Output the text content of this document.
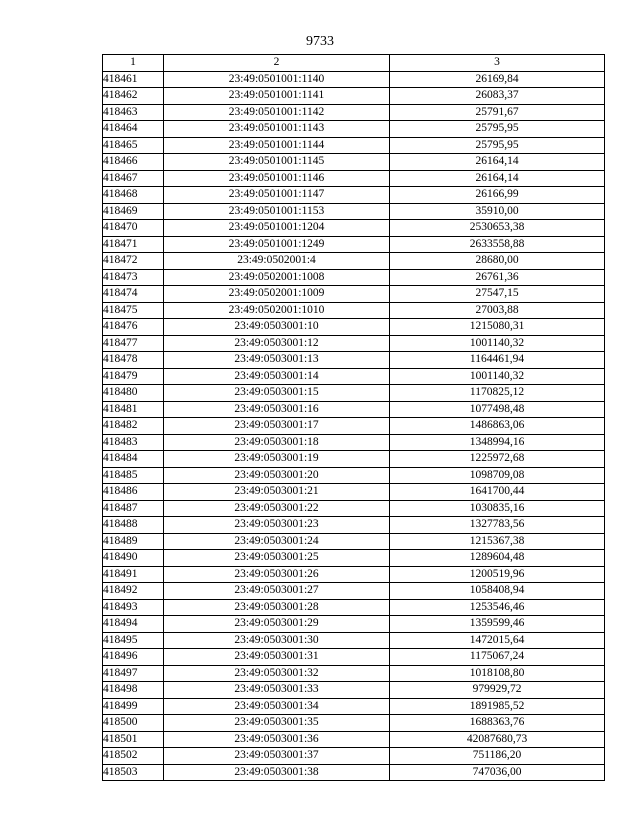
9733
1	2	3
418461	23:49:0501001:1140	26169,84
418462	23:49:0501001:1141	26083,37
418463	23:49:0501001:1142	25791,67
418464	23:49:0501001:1143	25795,95
418465	23:49:0501001:1144	25795,95
418466	23:49:0501001:1145	26164,14
418467	23:49:0501001:1146	26164,14
418468	23:49:0501001:1147	26166,99
418469	23:49:0501001:1153	35910,00
418470	23:49:0501001:1204	2530653,38
418471	23:49:0501001:1249	2633558,88
418472	23:49:0502001:4	28680,00
418473	23:49:0502001:1008	26761,36
418474	23:49:0502001:1009	27547,15
418475	23:49:0502001:1010	27003,88
418476	23:49:0503001:10	1215080,31
418477	23:49:0503001:12	1001140,32
418478	23:49:0503001:13	1164461,94
418479	23:49:0503001:14	1001140,32
418480	23:49:0503001:15	1170825,12
418481	23:49:0503001:16	1077498,48
418482	23:49:0503001:17	1486863,06
418483	23:49:0503001:18	1348994,16
418484	23:49:0503001:19	1225972,68
418485	23:49:0503001:20	1098709,08
418486	23:49:0503001:21	1641700,44
418487	23:49:0503001:22	1030835,16
418488	23:49:0503001:23	1327783,56
418489	23:49:0503001:24	1215367,38
418490	23:49:0503001:25	1289604,48
418491	23:49:0503001:26	1200519,96
418492	23:49:0503001:27	1058408,94
418493	23:49:0503001:28	1253546,46
418494	23:49:0503001:29	1359599,46
418495	23:49:0503001:30	1472015,64
418496	23:49:0503001:31	1175067,24
418497	23:49:0503001:32	1018108,80
418498	23:49:0503001:33	979929,72
418499	23:49:0503001:34	1891985,52
418500	23:49:0503001:35	1688363,76
418501	23:49:0503001:36	42087680,73
418502	23:49:0503001:37	751186,20
418503	23:49:0503001:38	747036,00
